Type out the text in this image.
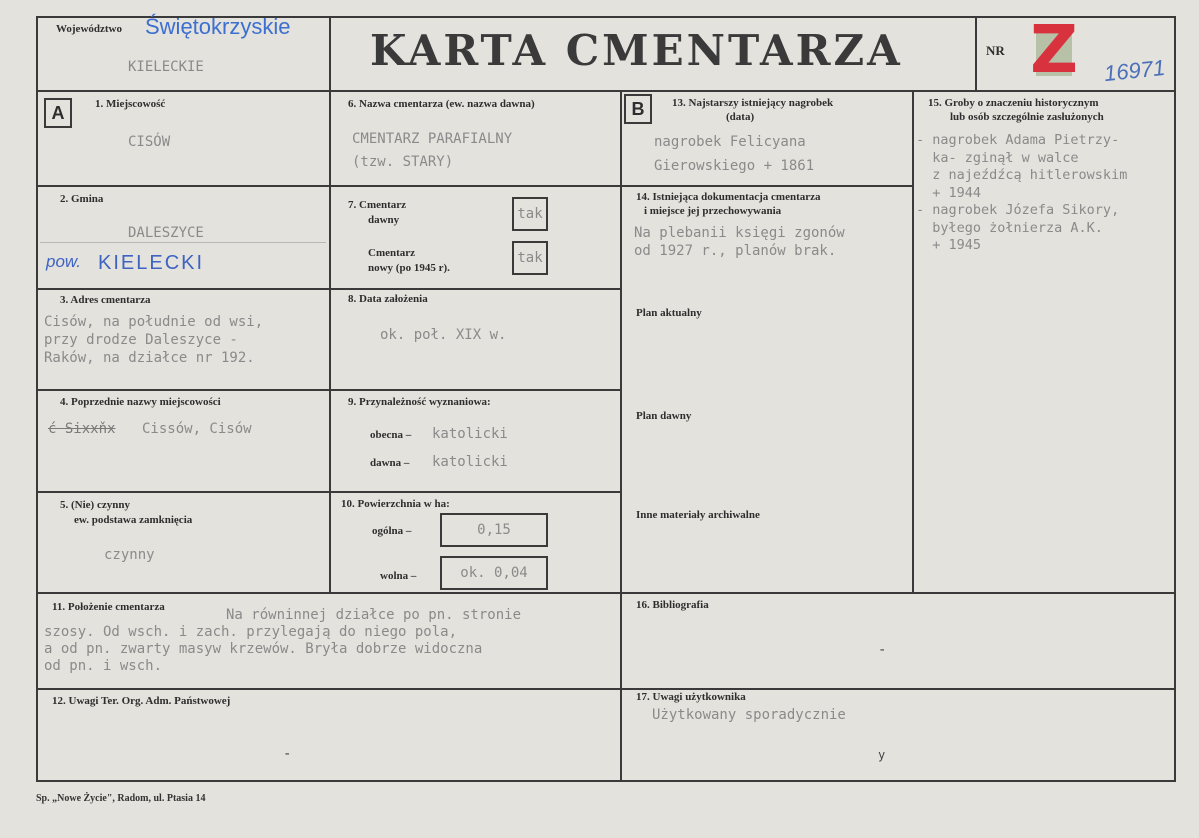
Województwo Świętokrzyskie
KIELECKIE	KARTA CMENTARZA	NR Z	16971
A	B
1. Miejscowość
CISÓW
2. Gmina
DALESZYCE
pow. KIELECKI
3. Adres cmentarza
Cisów, na południe od wsi,
przy drodze Daleszyce -
Raków, na działce nr 192.
4. Poprzednie nazwy miejscowości
ć Sixxňx Cissów, Cisów
5. (Nie) czynny
ew. podstawa zamknięcia
czynny
6. Nazwa cmentarza (ew. nazwa dawna)
CMENTARZ PARAFIALNY
(tzw. STARY)
7. Cmentarz
dawny	tak
Cmentarz
nowy (po 1945 r).
tak
8. Data założenia
ok. poł. XIX w.
9. Przynależność wyznaniowa:
obecna – katolicki
dawna – katolicki
10. Powierzchnia w ha:
ogólna –	0,15
wolna –	ok. 0,04
11. Położenie cmentarza	Na równinnej działce po pn. stronie
szosy. Od wsch. i zach. przylegają do niego pola,
a od pn. zwarty masyw krzewów. Bryła dobrze widoczna
od pn. i wsch.
12. Uwagi Ter. Org. Adm. Państwowej
-
13. Najstarszy istniejący nagrobek
(data)
nagrobek Felicyana
Gierowskiego + 1861
14. Istniejąca dokumentacja cmentarza
i miejsce jej przechowywania
Na plebanii księgi zgonów
od 1927 r., planów brak.
Plan aktualny
Plan dawny
Inne materiały archiwalne
15. Groby o znaczeniu historycznym
lub osób szczególnie zasłużonych
- nagrobek Adama Pietrzy-
ka- zginął w walce
z najeźdźcą hitlerowskim
+ 1944
- nagrobek Józefa Sikory,
byłego żołnierza A.K.
+ 1945
16. Bibliografia
-
17. Uwagi użytkownika
Użytkowany sporadycznie
y
Sp. „Nowe Życie", Radom, ul. Ptasia 14
